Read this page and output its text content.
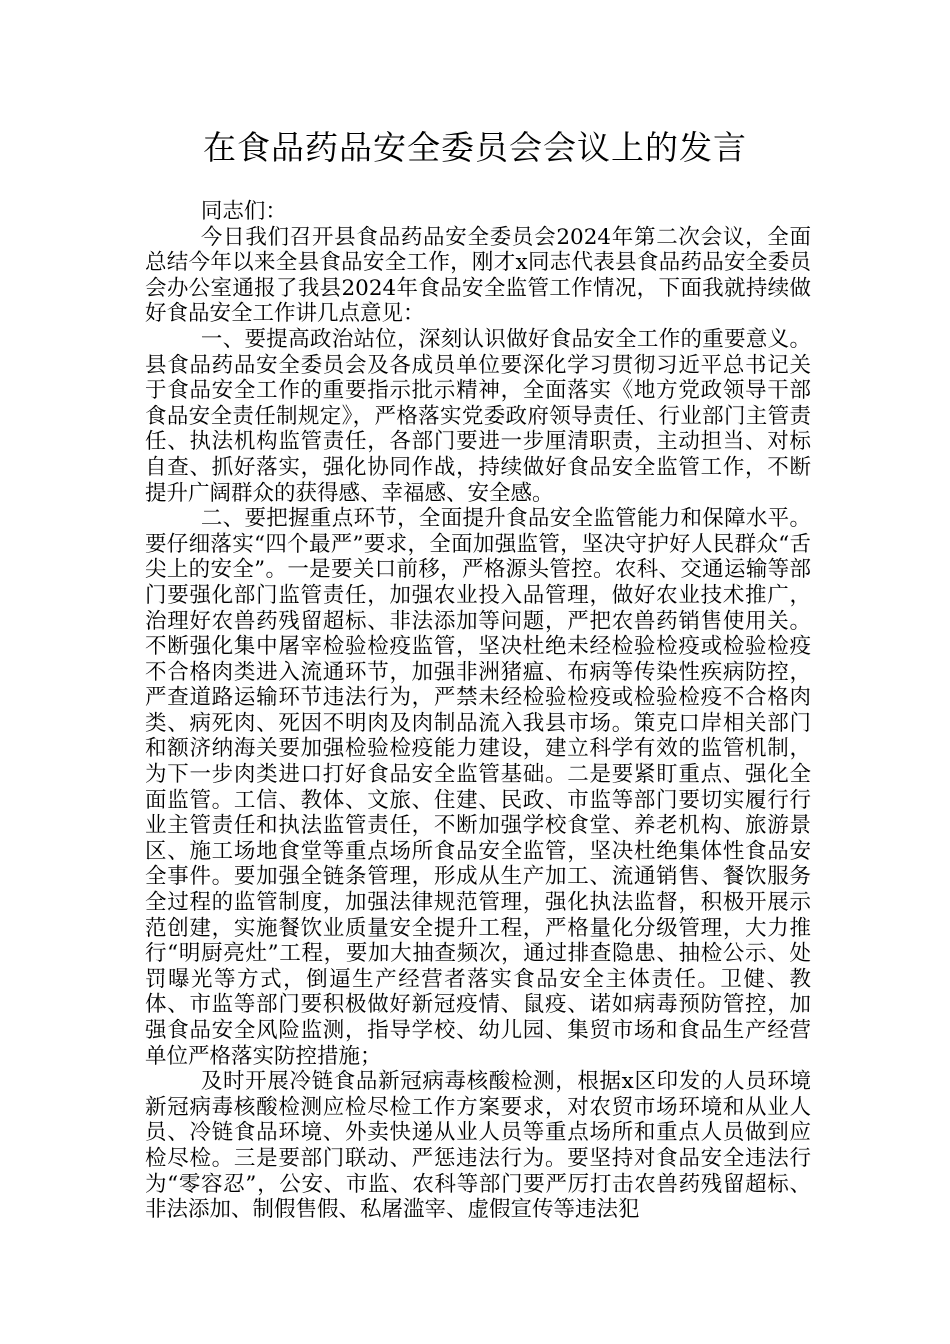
在食品药品安全委员会会议上的发言

同志们：

今日我们召开县食品药品安全委员会2024年第二次会议，全面总结今年以来全县食品安全工作，刚才x同志代表县食品药品安全委员会办公室通报了我县2024年食品安全监管工作情况，下面我就持续做好食品安全工作讲几点意见：

一、要提高政治站位，深刻认识做好食品安全工作的重要意义。县食品药品安全委员会及各成员单位要深化学习贯彻习近平总书记关于食品安全工作的重要指示批示精神，全面落实《地方党政领导干部食品安全责任制规定》，严格落实党委政府领导责任、行业部门主管责任、执法机构监管责任，各部门要进一步厘清职责，主动担当、对标自查、抓好落实，强化协同作战，持续做好食品安全监管工作，不断提升广阔群众的获得感、幸福感、安全感。

二、要把握重点环节，全面提升食品安全监管能力和保障水平。要仔细落实“四个最严”要求，全面加强监管，坚决守护好人民群众“舌尖上的安全”。一是要关口前移，严格源头管控。农科、交通运输等部门要强化部门监管责任，加强农业投入品管理，做好农业技术推广，治理好农兽药残留超标、非法添加等问题，严把农兽药销售使用关。不断强化集中屠宰检验检疫监管，坚决杜绝未经检验检疫或检验检疫不合格肉类进入流通环节，加强非洲猪瘟、布病等传染性疾病防控，严查道路运输环节违法行为，严禁未经检验检疫或检验检疫不合格肉类、病死肉、死因不明肉及肉制品流入我县市场。策克口岸相关部门和额济纳海关要加强检验检疫能力建设，建立科学有效的监管机制，为下一步肉类进口打好食品安全监管基础。二是要紧盯重点、强化全面监管。工信、教体、文旅、住建、民政、市监等部门要切实履行行业主管责任和执法监管责任，不断加强学校食堂、养老机构、旅游景区、施工场地食堂等重点场所食品安全监管，坚决杜绝集体性食品安全事件。要加强全链条管理，形成从生产加工、流通销售、餐饮服务全过程的监管制度，加强法律规范管理，强化执法监督，积极开展示范创建，实施餐饮业质量安全提升工程，严格量化分级管理，大力推行“明厨亮灶”工程，要加大抽查频次，通过排查隐患、抽检公示、处罚曝光等方式，倒逼生产经营者落实食品安全主体责任。卫健、教体、市监等部门要积极做好新冠疫情、鼠疫、诺如病毒预防管控，加强食品安全风险监测，指导学校、幼儿园、集贸市场和食品生产经营单位严格落实防控措施；

及时开展冷链食品新冠病毒核酸检测，根据x区印发的人员环境新冠病毒核酸检测应检尽检工作方案要求，对农贸市场环境和从业人员、冷链食品环境、外卖快递从业人员等重点场所和重点人员做到应检尽检。三是要部门联动、严惩违法行为。要坚持对食品安全违法行为“零容忍”，公安、市监、农科等部门要严厉打击农兽药残留超标、非法添加、制假售假、私屠滥宰、虚假宣传等违法犯
